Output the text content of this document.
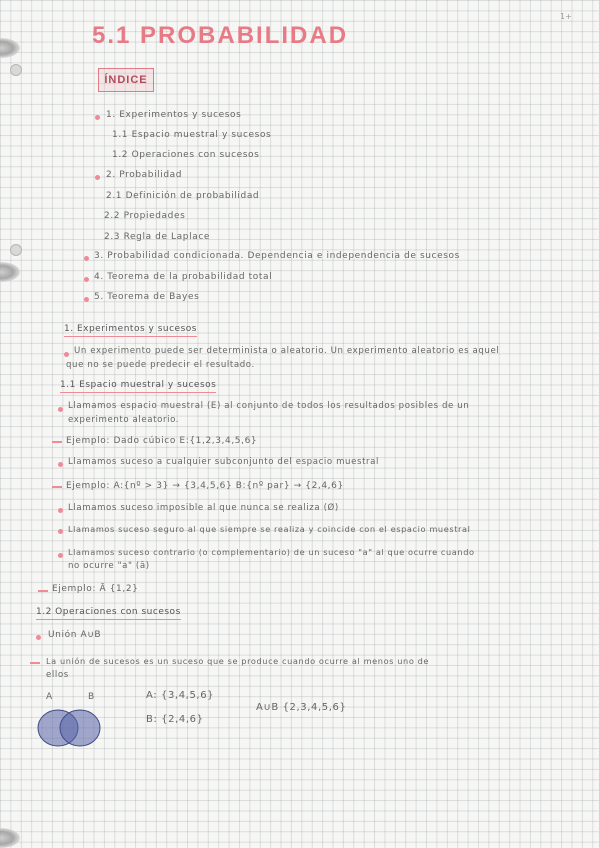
1+
5.1 PROBABILIDAD
ÍNDICE
1. Experimentos y sucesos
1.1 Espacio muestral y sucesos
1.2 Operaciones con sucesos
2. Probabilidad
2.1 Definición de probabilidad
2.2 Propiedades
2.3 Regla de Laplace
3. Probabilidad condicionada. Dependencia e independencia de sucesos
4. Teorema de la probabilidad total
5. Teorema de Bayes
1. Experimentos y sucesos
Un experimento puede ser determinista o aleatorio. Un experimento aleatorio es aquel
que no se puede predecir el resultado.
1.1 Espacio muestral y sucesos
Llamamos espacio muestral (E) al conjunto de todos los resultados posibles de un
experimento aleatorio.
Ejemplo: Dado cúbico E:{1,2,3,4,5,6}
Llamamos suceso a cualquier subconjunto del espacio muestral
Ejemplo: A:{nº > 3} → {3,4,5,6} B:{nº par} → {2,4,6}
Llamamos suceso imposible al que nunca se realiza (Ø)
Llamamos suceso seguro al que siempre se realiza y coincide con el espacio muestral
Llamamos suceso contrario (o complementario) de un suceso "a" al que ocurre cuando
no ocurre "a" (ā)
Ejemplo: Ā {1,2}
1.2 Operaciones con sucesos
Unión A∪B
La unión de sucesos es un suceso que se produce cuando ocurre al menos uno de
ellos
A	B	A: {3,4,5,6}
B: {2,4,6}
A∪B {2,3,4,5,6}
